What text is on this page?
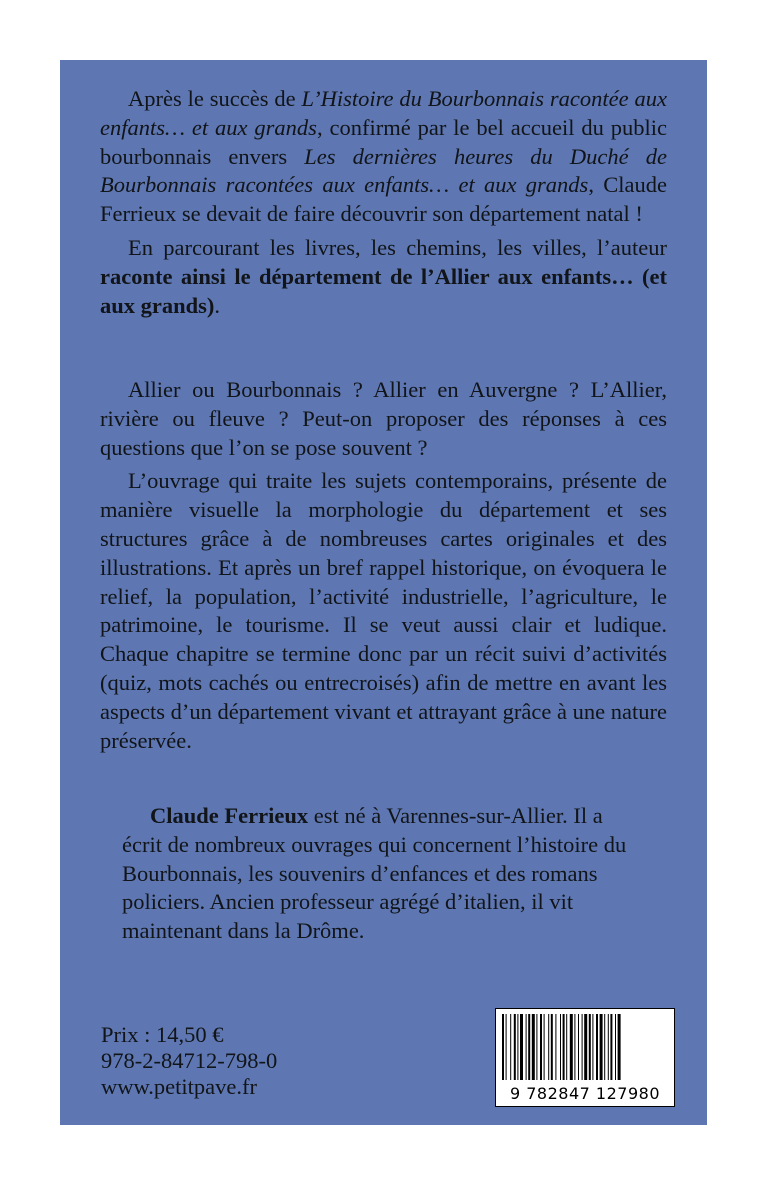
Après le succès de L’Histoire du Bourbonnais racontée aux enfants… et aux grands, confirmé par le bel accueil du public bourbonnais envers Les dernières heures du Duché de Bourbonnais racontées aux enfants… et aux grands, Claude Ferrieux se devait de faire découvrir son département natal !

En parcourant les livres, les chemins, les villes, l’auteur raconte ainsi le département de l’Allier aux enfants… (et aux grands).

Allier ou Bourbonnais ? Allier en Auvergne ? L’Allier, rivière ou fleuve ? Peut-on proposer des réponses à ces questions que l’on se pose souvent ?

L’ouvrage qui traite les sujets contemporains, présente de manière visuelle la morphologie du département et ses structures grâce à de nombreuses cartes originales et des illustrations. Et après un bref rappel historique, on évoquera le relief, la population, l’activité industrielle, l’agriculture, le patrimoine, le tourisme. Il se veut aussi clair et ludique. Chaque chapitre se termine donc par un récit suivi d’activités (quiz, mots cachés ou entrecroisés) afin de mettre en avant les aspects d’un département vivant et attrayant grâce à une nature préservée.

Claude Ferrieux est né à Varennes-sur-Allier. Il a écrit de nombreux ouvrages qui concernent l’histoire du Bourbonnais, les souvenirs d’enfances et des romans policiers. Ancien professeur agrégé d’italien, il vit maintenant dans la Drôme.

Prix : 14,50 €
978-2-84712-798-0
www.petitpave.fr	9 782847 127980
